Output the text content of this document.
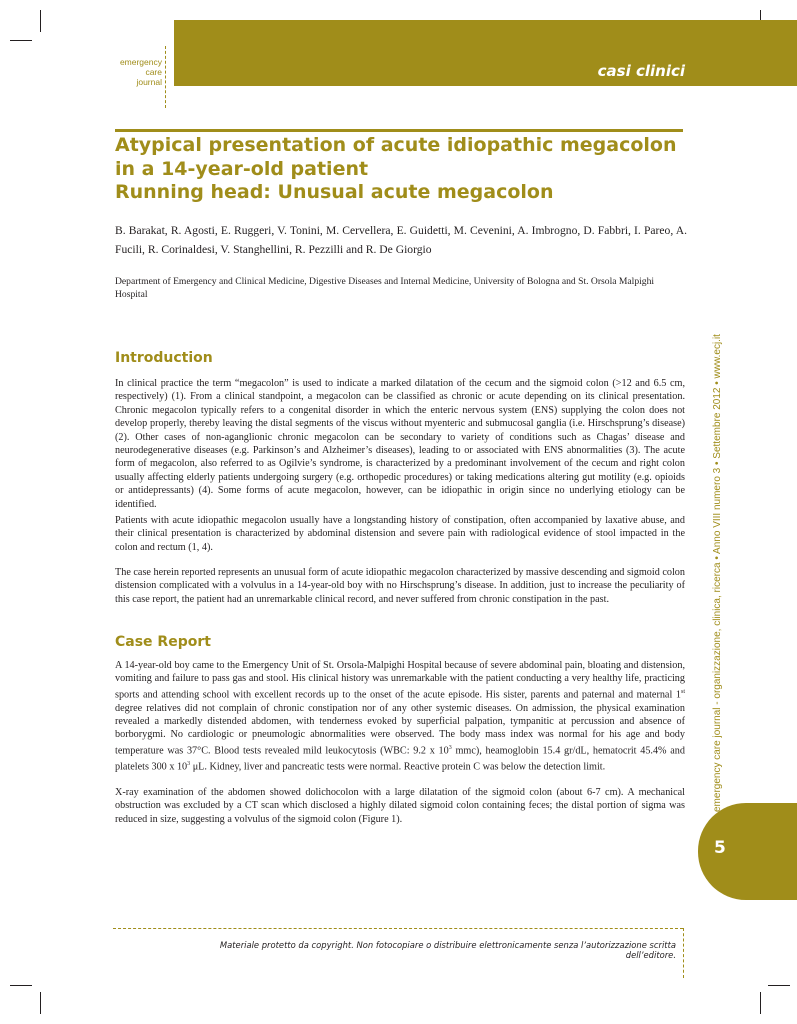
emergency
care
journal
casi clinici
Atypical presentation of acute idiopathic megacolon
in a 14-year-old patient
Running head: Unusual acute megacolon
B. Barakat, R. Agosti, E. Ruggeri, V. Tonini, M. Cervellera, E. Guidetti, M. Cevenini, A. Imbrogno, D. Fabbri, I. Pareo, A. Fucili, R. Corinaldesi, V. Stanghellini, R. Pezzilli and R. De Giorgio
Department of Emergency and Clinical Medicine, Digestive Diseases and Internal Medicine, University of Bologna and St. Orsola Malpighi Hospital
Introduction
In clinical practice the term “megacolon” is used to indicate a marked dilatation of the cecum and the sigmoid colon (>12 and 6.5 cm, respectively) (1). From a clinical standpoint, a megacolon can be classified as chronic or acute depending on its clinical presentation. Chronic megacolon typically refers to a congenital disorder in which the enteric nervous system (ENS) supplying the colon does not develop properly, thereby leaving the distal segments of the viscus without myenteric and submucosal ganglia (i.e. Hirschsprung’s disease) (2). Other cases of non-aganglionic chronic megacolon can be secondary to variety of conditions such as Chagas’ disease and neurodegenerative diseases (e.g. Parkinson’s and Alzheimer’s diseases), leading to or associated with ENS abnormalities (3). The acute form of megacolon, also referred to as Ogilvie’s syndrome, is characterized by a predominant involvement of the cecum and right colon usually affecting elderly patients undergoing surgery (e.g. orthopedic procedures) or taking medications altering gut motility (e.g. opioids or antidepressants) (4). Some forms of acute megacolon, however, can be idiopathic in origin since no underlying etiology can be identified.
Patients with acute idiopathic megacolon usually have a longstanding history of constipation, often accompanied by laxative abuse, and their clinical presentation is characterized by abdominal distension and severe pain with radiological evidence of stool impacted in the colon and rectum (1, 4).
The case herein reported represents an unusual form of acute idiopathic megacolon characterized by massive descending and sigmoid colon distension complicated with a volvulus in a 14-year-old boy with no Hirschsprung’s disease. In addition, just to increase the peculiarity of this case report, the patient had an unremarkable clinical record, and never suffered from chronic constipation in the past.
Case Report
A 14-year-old boy came to the Emergency Unit of St. Orsola-Malpighi Hospital because of severe abdominal pain, bloating and distension, vomiting and failure to pass gas and stool. His clinical history was unremarkable with the patient conducting a very healthy life, practicing sports and attending school with excellent records up to the onset of the acute episode. His sister, parents and paternal and maternal 1st degree relatives did not complain of chronic constipation nor of any other systemic diseases. On admission, the physical examination revealed a markedly distended abdomen, with tenderness evoked by superficial palpation, tympanitic at percussion and absence of borborygmi. No cardiologic or pneumologic abnormalities were observed. The body mass index was normal for his age and body temperature was 37°C. Blood tests revealed mild leukocytosis (WBC: 9.2 x $10^3$ mmc), heamoglobin 15.4 gr/dL, hematocrit 45.4% and platelets 300 x $10^3$ μL. Kidney, liver and pancreatic tests were normal. Reactive protein C was below the detection limit.
X-ray examination of the abdomen showed dolichocolon with a large dilatation of the sigmoid colon (about 6-7 cm). A mechanical obstruction was excluded by a CT scan which disclosed a highly dilated sigmoid colon containing feces; the distal portion of sigma was reduced in size, suggesting a volvulus of the sigmoid colon (Figure 1).
emergency care journal - organizzazione, clinica, ricerca • Anno VIII numero 3 • Settembre 2012 • www.ecj.it
5
Materiale protetto da copyright. Non fotocopiare o distribuire elettronicamente senza l’autorizzazione scritta dell’editore.
